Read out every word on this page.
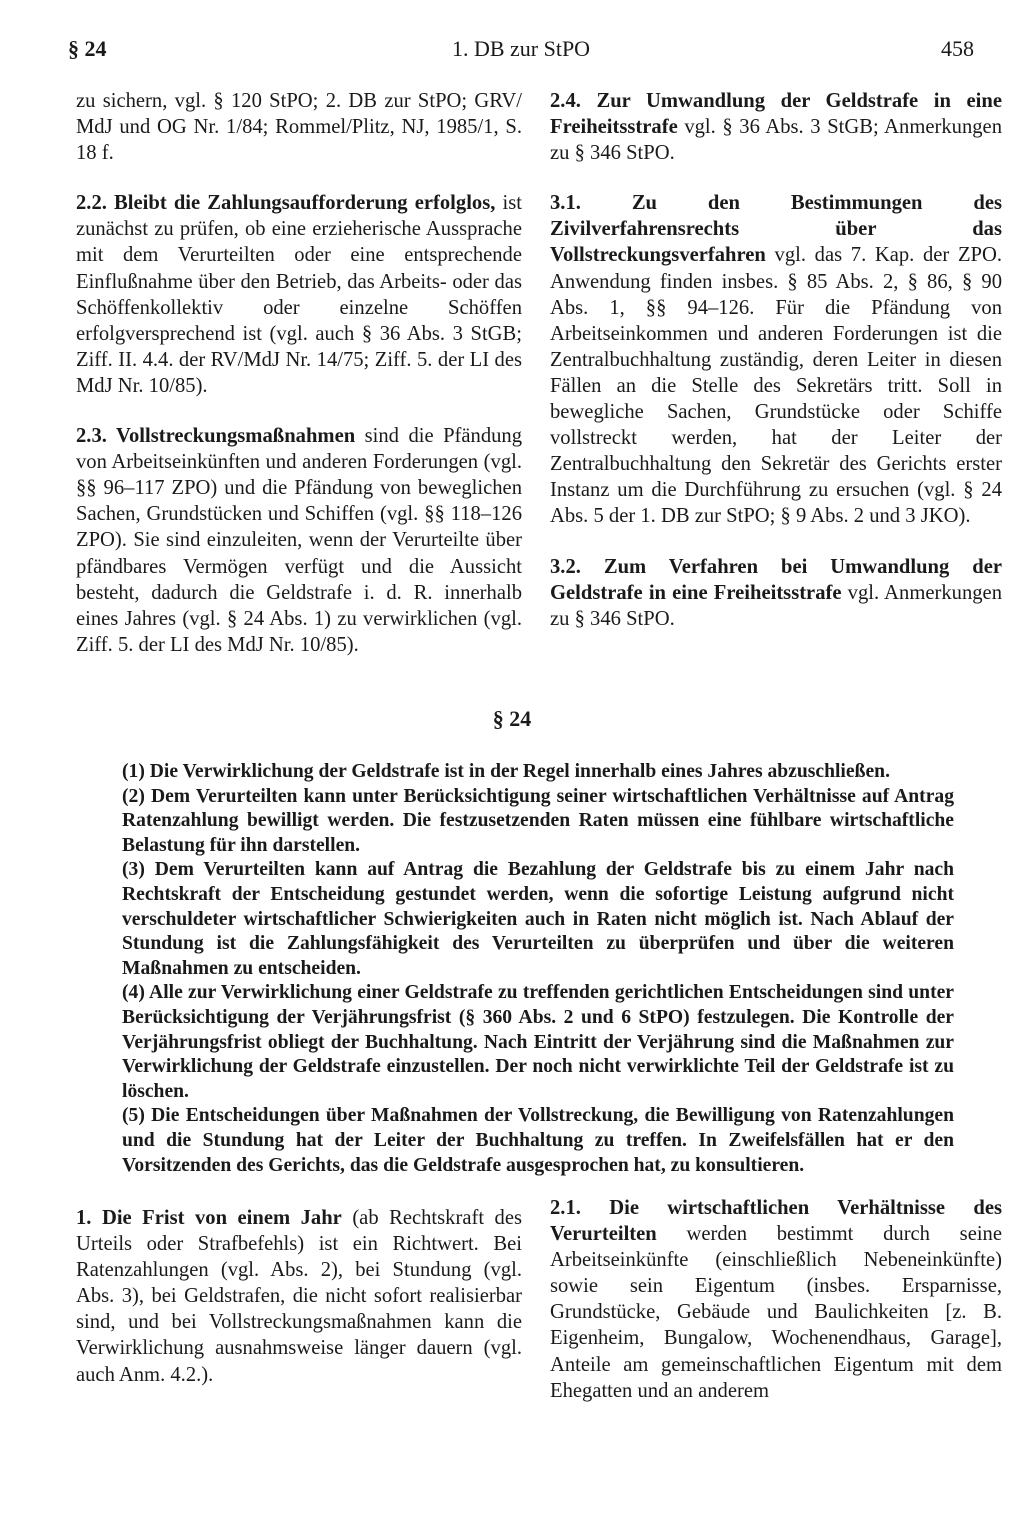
§ 24	1. DB zur StPO	458

zu sichern, vgl. § 120 StPO; 2. DB zur StPO; GRV/ MdJ und OG Nr. 1/84; Rommel/Plitz, NJ, 1985/1, S. 18 f.

2.2. Bleibt die Zahlungsaufforderung erfolglos, ist zunächst zu prüfen, ob eine erzieherische Aussprache mit dem Verurteilten oder eine entsprechende Einflußnahme über den Betrieb, das Arbeits- oder das Schöffenkollektiv oder einzelne Schöffen erfolgversprechend ist (vgl. auch § 36 Abs. 3 StGB; Ziff. II. 4.4. der RV/MdJ Nr. 14/75; Ziff. 5. der LI des MdJ Nr. 10/85).

2.3. Vollstreckungsmaßnahmen sind die Pfändung von Arbeitseinkünften und anderen Forderungen (vgl. §§ 96–117 ZPO) und die Pfändung von beweglichen Sachen, Grundstücken und Schiffen (vgl. §§ 118–126 ZPO). Sie sind einzuleiten, wenn der Verurteilte über pfändbares Vermögen verfügt und die Aussicht besteht, dadurch die Geldstrafe i. d. R. innerhalb eines Jahres (vgl. § 24 Abs. 1) zu verwirklichen (vgl. Ziff. 5. der LI des MdJ Nr. 10/85).

2.4. Zur Umwandlung der Geldstrafe in eine Freiheitsstrafe vgl. § 36 Abs. 3 StGB; Anmerkungen zu § 346 StPO.

3.1. Zu den Bestimmungen des Zivilverfahrensrechts über das Vollstreckungsverfahren vgl. das 7. Kap. der ZPO. Anwendung finden insbes. § 85 Abs. 2, § 86, § 90 Abs. 1, §§ 94–126. Für die Pfändung von Arbeitseinkommen und anderen Forderungen ist die Zentralbuchhaltung zuständig, deren Leiter in diesen Fällen an die Stelle des Sekretärs tritt. Soll in bewegliche Sachen, Grundstücke oder Schiffe vollstreckt werden, hat der Leiter der Zentralbuchhaltung den Sekretär des Gerichts erster Instanz um die Durchführung zu ersuchen (vgl. § 24 Abs. 5 der 1. DB zur StPO; § 9 Abs. 2 und 3 JKO).

3.2. Zum Verfahren bei Umwandlung der Geldstrafe in eine Freiheitsstrafe vgl. Anmerkungen zu § 346 StPO.

§ 24

(1) Die Verwirklichung der Geldstrafe ist in der Regel innerhalb eines Jahres abzuschließen.

(2) Dem Verurteilten kann unter Berücksichtigung seiner wirtschaftlichen Verhältnisse auf Antrag Ratenzahlung bewilligt werden. Die festzusetzenden Raten müssen eine fühlbare wirtschaftliche Belastung für ihn darstellen.

(3) Dem Verurteilten kann auf Antrag die Bezahlung der Geldstrafe bis zu einem Jahr nach Rechtskraft der Entscheidung gestundet werden, wenn die sofortige Leistung aufgrund nicht verschuldeter wirtschaftlicher Schwierigkeiten auch in Raten nicht möglich ist. Nach Ablauf der Stundung ist die Zahlungsfähigkeit des Verurteilten zu überprüfen und über die weiteren Maßnahmen zu entscheiden.

(4) Alle zur Verwirklichung einer Geldstrafe zu treffenden gerichtlichen Entscheidungen sind unter Berücksichtigung der Verjährungsfrist (§ 360 Abs. 2 und 6 StPO) festzulegen. Die Kontrolle der Verjährungsfrist obliegt der Buchhaltung. Nach Eintritt der Verjährung sind die Maßnahmen zur Verwirklichung der Geldstrafe einzustellen. Der noch nicht verwirklichte Teil der Geldstrafe ist zu löschen.

(5) Die Entscheidungen über Maßnahmen der Vollstreckung, die Bewilligung von Ratenzahlungen und die Stundung hat der Leiter der Buchhaltung zu treffen. In Zweifelsfällen hat er den Vorsitzenden des Gerichts, das die Geldstrafe ausgesprochen hat, zu konsultieren.

1. Die Frist von einem Jahr (ab Rechtskraft des Urteils oder Strafbefehls) ist ein Richtwert. Bei Ratenzahlungen (vgl. Abs. 2), bei Stundung (vgl. Abs. 3), bei Geldstrafen, die nicht sofort realisierbar sind, und bei Vollstreckungsmaßnahmen kann die Verwirklichung ausnahmsweise länger dauern (vgl. auch Anm. 4.2.).

2.1. Die wirtschaftlichen Verhältnisse des Verurteilten werden bestimmt durch seine Arbeitseinkünfte (einschließlich Nebeneinkünfte) sowie sein Eigentum (insbes. Ersparnisse, Grundstücke, Gebäude und Baulichkeiten [z. B. Eigenheim, Bungalow, Wochenendhaus, Garage], Anteile am gemeinschaftlichen Eigentum mit dem Ehegatten und an anderem
